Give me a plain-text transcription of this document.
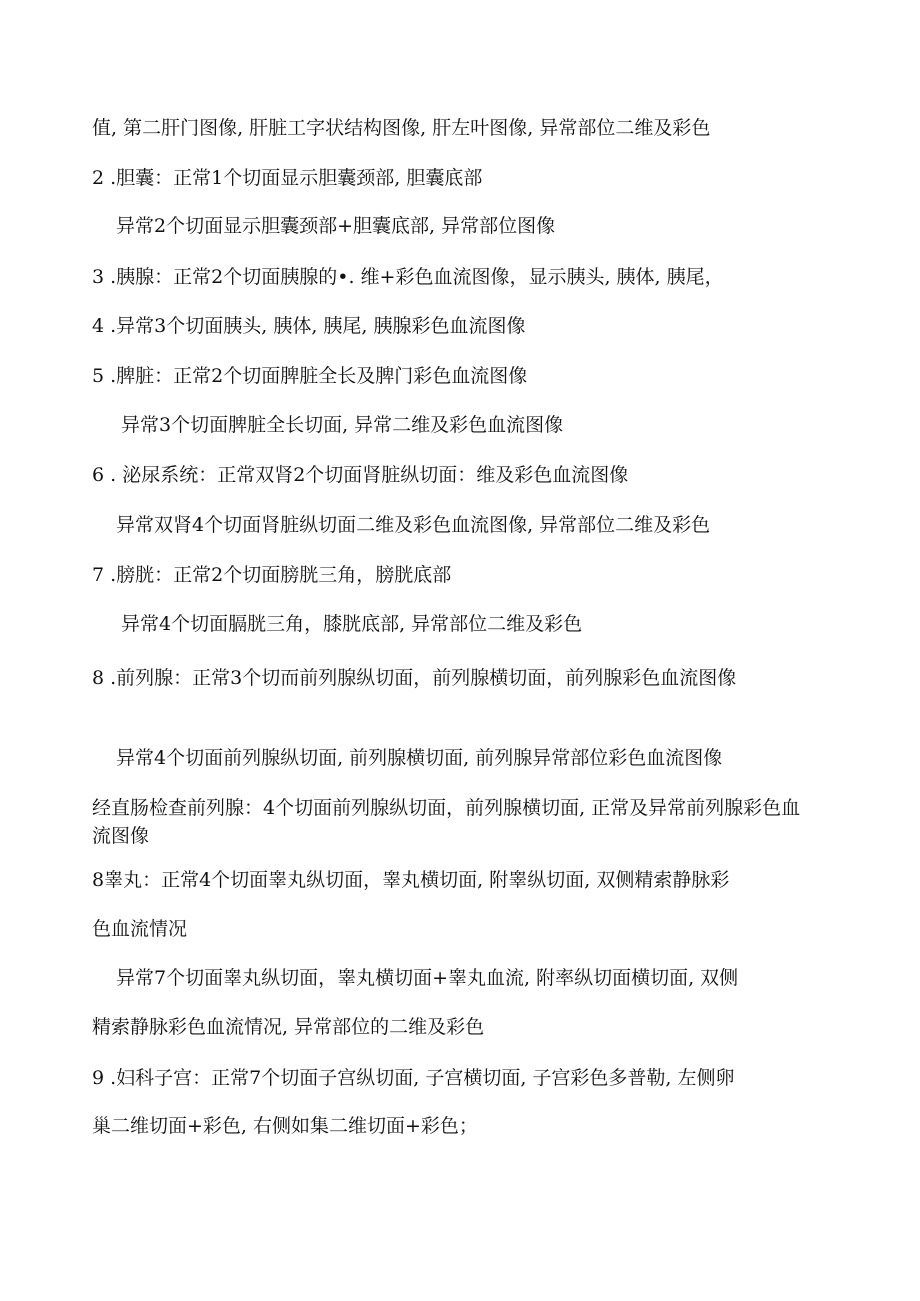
值, 第二肝门图像, 肝脏工字状结构图像, 肝左叶图像, 异常部位二维及彩色
2 .胆囊：正常1个切面显示胆囊颈部, 胆囊底部
异常2个切面显示胆囊颈部+胆囊底部, 异常部位图像
3 .胰腺：正常2个切面胰腺的•. 维+彩色血流图像，显示胰头, 胰体, 胰尾，
4 .异常3个切面胰头, 胰体, 胰尾, 胰腺彩色血流图像
5 .脾脏：正常2个切面脾脏全长及脾门彩色血流图像
异常3个切面脾脏全长切面, 异常二维及彩色血流图像
6 . 泌尿系统：正常双肾2个切面肾脏纵切面：维及彩色血流图像
异常双肾4个切面肾脏纵切面二维及彩色血流图像, 异常部位二维及彩色
7 .膀胱：正常2个切面膀胱三角，膀胱底部
异常4个切面膈胱三角，膝胱底部, 异常部位二维及彩色
8 .前列腺：正常3个切而前列腺纵切面，前列腺横切面，前列腺彩色血流图像
异常4个切面前列腺纵切面, 前列腺横切面, 前列腺异常部位彩色血流图像
经直肠检查前列腺：4个切面前列腺纵切面，前列腺横切面, 正常及异常前列腺彩色血流图像
8睾丸：正常4个切面睾丸纵切面，睾丸横切面, 附睾纵切面, 双侧精索静脉彩
色血流情况
异常7个切面睾丸纵切面，睾丸横切面+睾丸血流, 附率纵切面横切面, 双侧
精索静脉彩色血流情况, 异常部位的二维及彩色
9 .妇科子宫：正常7个切面子宫纵切面, 子宫横切面, 子宫彩色多普勒, 左侧卵
巢二维切面+彩色, 右侧如集二维切面+彩色；
